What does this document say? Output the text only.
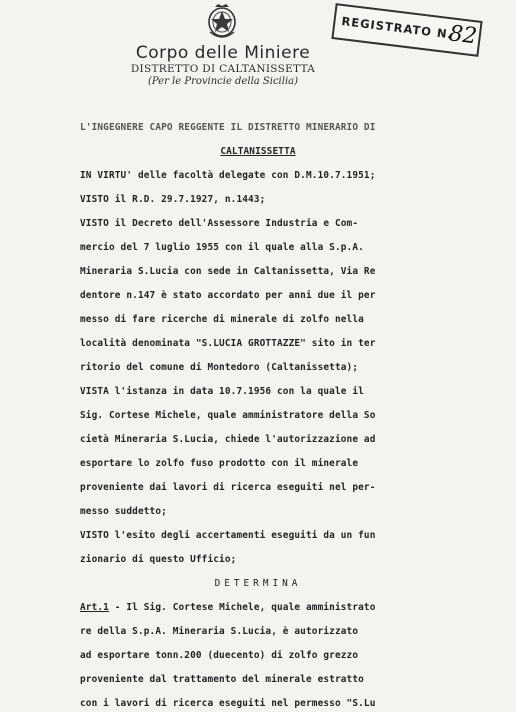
Corpo delle Miniere
DISTRETTO DI CALTANISSETTA
(Per le Provincie della Sicilia)
REGISTRATO N.
82
L'INGEGNERE CAPO REGGENTE IL DISTRETTO MINERARIO DI
CALTANISSETTA
IN VIRTU' delle facoltà delegate con D.M.10.7.1951;
VISTO il R.D. 29.7.1927, n.1443;
VISTO il Decreto dell'Assessore Industria e Com-
mercio del 7 luglio 1955 con il quale alla S.p.A.
Mineraria S.Lucia con sede in Caltanissetta, Via Re
dentore n.147 è stato accordato per anni due il per
messo di fare ricerche di minerale di zolfo nella
località denominata "S.LUCIA GROTTAZZE" sito in ter
ritorio del comune di Montedoro (Caltanissetta);
VISTA l'istanza in data 10.7.1956 con la quale il
Sig. Cortese Michele, quale amministratore della So
cietà Mineraria S.Lucia, chiede l'autorizzazione ad
esportare lo zolfo fuso prodotto con il minerale
proveniente dai lavori di ricerca eseguiti nel per-
messo suddetto;
VISTO l'esito degli accertamenti eseguiti da un fun
zionario di questo Ufficio;
DETERMINA
Art.1 - Il Sig. Cortese Michele, quale amministrato
re della S.p.A. Mineraria S.Lucia, è autorizzato
ad esportare tonn.200 (duecento) di zolfo grezzo
proveniente dal trattamento del minerale estratto
con i lavori di ricerca eseguiti nel permesso "S.Lu
